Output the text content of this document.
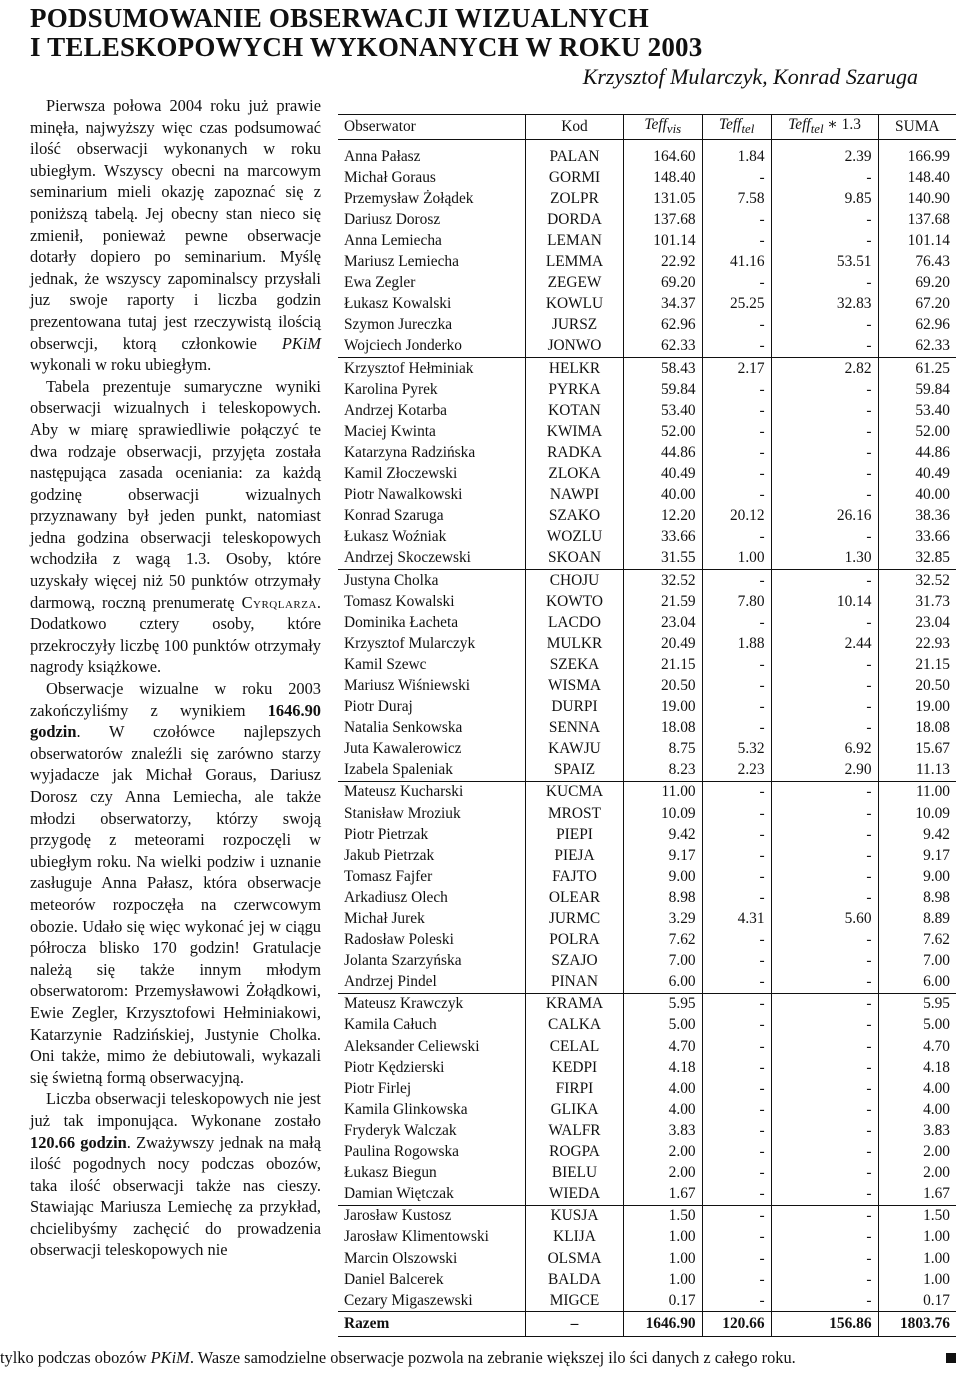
PODSUMOWANIE OBSERWACJI WIZUALNYCH
I TELESKOPOWYCH WYKONANYCH W ROKU 2003
Krzysztof Mularczyk, Konrad Szaruga

Pierwsza połowa 2004 roku już prawie minęła, najwyższy więc czas podsumować ilość obserwacji wykonanych w roku ubiegłym. Wszyscy obecni na marcowym seminarium mieli okazję zapoznać się z poniższą tabelą. Jej obecny stan nieco się zmienił, ponieważ pewne obserwacje dotarły dopiero po seminarium. Myślę jednak, że wszyscy zapominalscy przysłali juz swoje raporty i liczba godzin prezentowana tutaj jest rzeczywistą ilością obserwcji, ktorą członkowie PKiM wykonali w roku ubiegłym.

Tabela prezentuje sumaryczne wyniki obserwacji wizualnych i teleskopowych. Aby w miarę sprawiedliwie połączyć te dwa rodzaje obserwacji, przyjęta została następująca zasada oceniania: za każdą godzinę obserwacji wizualnych przyznawany był jeden punkt, natomiast jedna godzina obserwacji teleskopowych wchodziła z wagą 1.3. Osoby, które uzyskały więcej niż 50 punktów otrzymały darmową, roczną prenumeratę Cyrqlarza. Dodatkowo cztery osoby, które przekroczyły liczbę 100 punktów otrzymały nagrody książkowe.

Obserwacje wizualne w roku 2003 zakończyliśmy z wynikiem 1646.90 godzin. W czołówce najlepszych obserwatorów znaleźli się zarówno starzy wyjadacze jak Michał Goraus, Dariusz Dorosz czy Anna Lemiecha, ale także młodzi obserwatorzy, którzy swoją przygodę z meteorami rozpoczęli w ubiegłym roku. Na wielki podziw i uznanie zasługuje Anna Pałasz, która obserwacje meteorów rozpoczęła na czerwcowym obozie. Udało się więc wykonać jej w ciągu półrocza blisko 170 godzin! Gratulacje należą się także innym młodym obserwatorom: Przemysławowi Żołądkowi, Ewie Zegler, Krzysztofowi Hełminiakowi, Katarzynie Radzińskiej, Justynie Cholka. Oni także, mimo że debiutowali, wykazali się świetną formą obserwacyjną.

Liczba obserwacji teleskopowych nie jest już tak imponująca. Wykonane zostało 120.66 godzin. Zważywszy jednak na małą ilość pogodnych nocy podczas obozów, taka ilość obserwacji także nas cieszy. Stawiając Mariusza Lemiechę za przykład, chcielibyśmy zachęcić do prowadzenia obserwacji teleskopowych nie

tylko podczas obozów PKiM. Wasze samodzielne obserwacje pozwola na zebranie większej ilo ści danych z całego roku.
Obserwator	Kod	Teff$_{vis}$	Teff$_{tel}$	Teff$_{tel}$ ∗ 1.3	SUMA

Anna Pałasz	PALAN	164.60	1.84	2.39	166.99
Michał Goraus	GORMI	148.40	-	-	148.40
Przemysław Żołądek	ZOLPR	131.05	7.58	9.85	140.90
Dariusz Dorosz	DORDA	137.68	-	-	137.68
Anna Lemiecha	LEMAN	101.14	-	-	101.14
Mariusz Lemiecha	LEMMA	22.92	41.16	53.51	76.43
Ewa Zegler	ZEGEW	69.20	-	-	69.20
Łukasz Kowalski	KOWLU	34.37	25.25	32.83	67.20
Szymon Jureczka	JURSZ	62.96	-	-	62.96
Wojciech Jonderko	JONWO	62.33	-	-	62.33
Krzysztof Hełminiak	HELKR	58.43	2.17	2.82	61.25
Karolina Pyrek	PYRKA	59.84	-	-	59.84
Andrzej Kotarba	KOTAN	53.40	-	-	53.40
Maciej Kwinta	KWIMA	52.00	-	-	52.00
Katarzyna Radzińska	RADKA	44.86	-	-	44.86
Kamil Złoczewski	ZLOKA	40.49	-	-	40.49
Piotr Nawalkowski	NAWPI	40.00	-	-	40.00
Konrad Szaruga	SZAKO	12.20	20.12	26.16	38.36
Łukasz Woźniak	WOZLU	33.66	-	-	33.66
Andrzej Skoczewski	SKOAN	31.55	1.00	1.30	32.85
Justyna Cholka	CHOJU	32.52	-	-	32.52
Tomasz Kowalski	KOWTO	21.59	7.80	10.14	31.73
Dominika Łacheta	LACDO	23.04	-	-	23.04
Krzysztof Mularczyk	MULKR	20.49	1.88	2.44	22.93
Kamil Szewc	SZEKA	21.15	-	-	21.15
Mariusz Wiśniewski	WISMA	20.50	-	-	20.50
Piotr Duraj	DURPI	19.00	-	-	19.00
Natalia Senkowska	SENNA	18.08	-	-	18.08
Juta Kawalerowicz	KAWJU	8.75	5.32	6.92	15.67
Izabela Spaleniak	SPAIZ	8.23	2.23	2.90	11.13
Mateusz Kucharski	KUCMA	11.00	-	-	11.00
Stanisław Mroziuk	MROST	10.09	-	-	10.09
Piotr Pietrzak	PIEPI	9.42	-	-	9.42
Jakub Pietrzak	PIEJA	9.17	-	-	9.17
Tomasz Fajfer	FAJTO	9.00	-	-	9.00
Arkadiusz Olech	OLEAR	8.98	-	-	8.98
Michał Jurek	JURMC	3.29	4.31	5.60	8.89
Radosław Poleski	POLRA	7.62	-	-	7.62
Jolanta Szarzyńska	SZAJO	7.00	-	-	7.00
Andrzej Pindel	PINAN	6.00	-	-	6.00
Mateusz Krawczyk	KRAMA	5.95	-	-	5.95
Kamila Całuch	CALKA	5.00	-	-	5.00
Aleksander Celiewski	CELAL	4.70	-	-	4.70
Piotr Kędzierski	KEDPI	4.18	-	-	4.18
Piotr Firlej	FIRPI	4.00	-	-	4.00
Kamila Glinkowska	GLIKA	4.00	-	-	4.00
Fryderyk Walczak	WALFR	3.83	-	-	3.83
Paulina Rogowska	ROGPA	2.00	-	-	2.00
Łukasz Biegun	BIELU	2.00	-	-	2.00
Damian Więtczak	WIEDA	1.67	-	-	1.67
Jarosław Kustosz	KUSJA	1.50	-	-	1.50
Jarosław Klimentowski	KLIJA	1.00	-	-	1.00
Marcin Olszowski	OLSMA	1.00	-	-	1.00
Daniel Balcerek	BALDA	1.00	-	-	1.00
Cezary Migaszewski	MIGCE	0.17	-	-	0.17
Razem	–	1646.90	120.66	156.86	1803.76
